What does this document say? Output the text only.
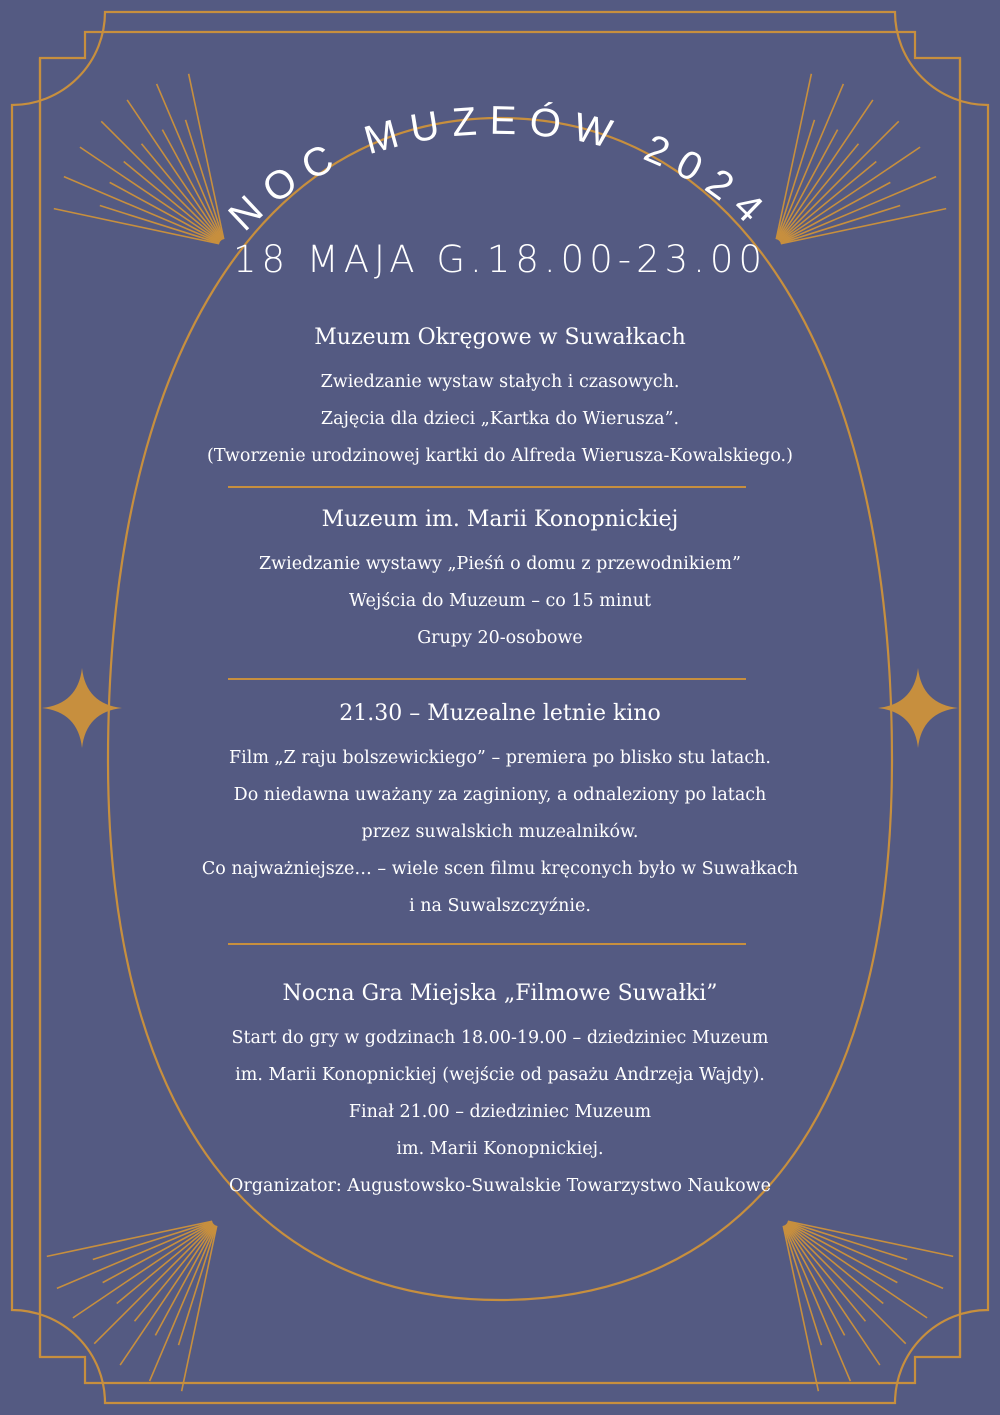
NOC MUZEÓW 2024
18 MAJA G.18.00-23.00
Muzeum Okręgowe w Suwałkach
Zwiedzanie wystaw stałych i czasowych.
Zajęcia dla dzieci „Kartka do Wierusza”.
(Tworzenie urodzinowej kartki do Alfreda Wierusza-Kowalskiego.)
Muzeum im. Marii Konopnickiej
Zwiedzanie wystawy „Pieśń o domu z przewodnikiem”
Wejścia do Muzeum – co 15 minut
Grupy 20-osobowe
21.30 – Muzealne letnie kino
Film „Z raju bolszewickiego” – premiera po blisko stu latach.
Do niedawna uważany za zaginiony, a odnaleziony po latach
przez suwalskich muzealników.
Co najważniejsze… – wiele scen filmu kręconych było w Suwałkach
i na Suwalszczyźnie.
Nocna Gra Miejska „Filmowe Suwałki”
Start do gry w godzinach 18.00-19.00 – dziedziniec Muzeum
im. Marii Konopnickiej (wejście od pasażu Andrzeja Wajdy).
Finał 21.00 – dziedziniec Muzeum
im. Marii Konopnickiej.
Organizator: Augustowsko-Suwalskie Towarzystwo Naukowe
